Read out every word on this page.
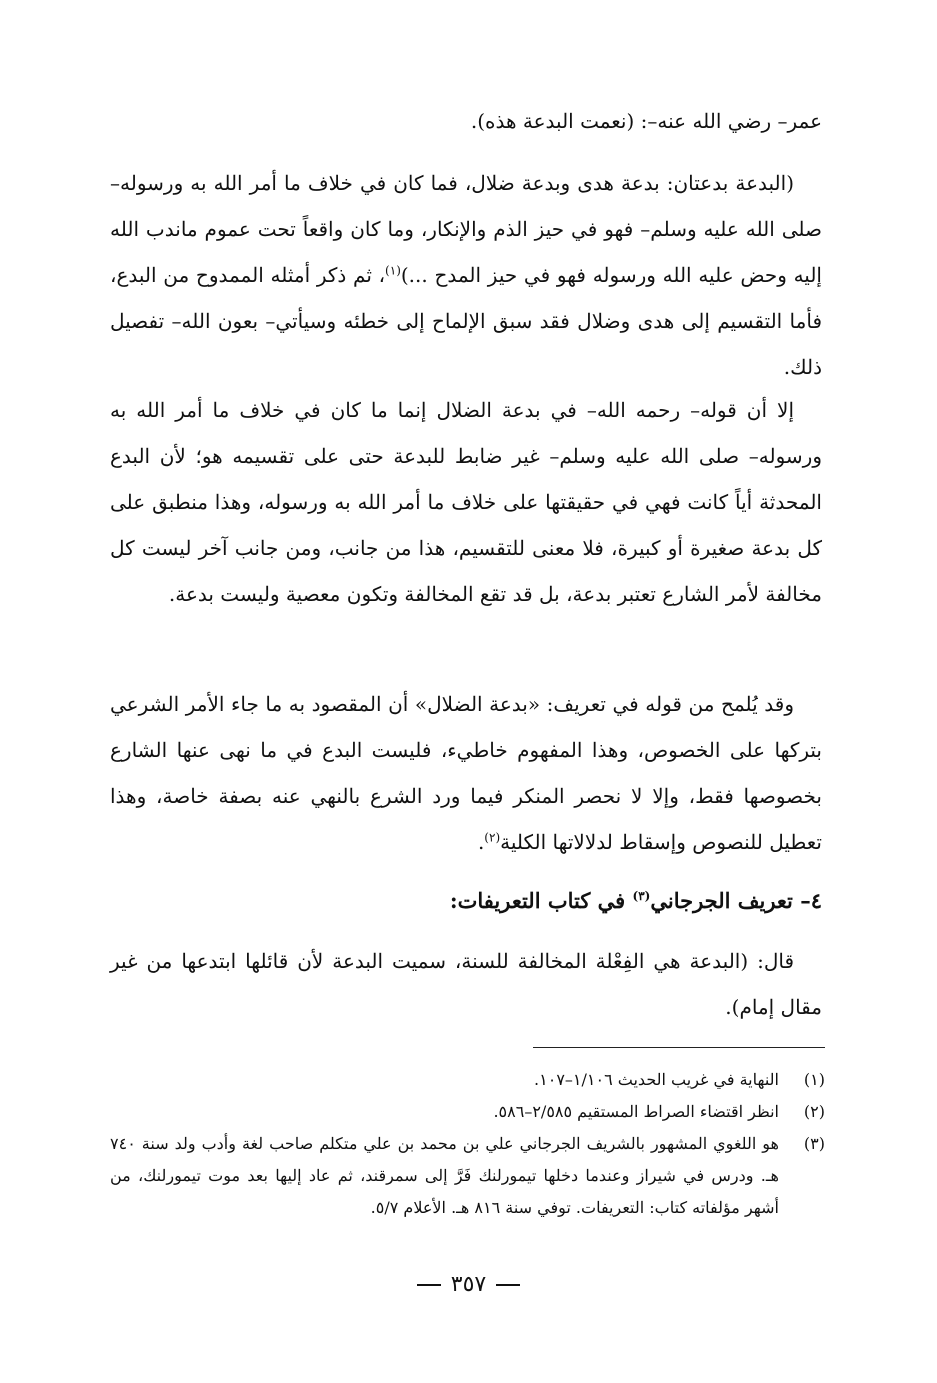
عمر– رضي الله عنه–: (نعمت البدعة هذه).

(البدعة بدعتان: بدعة هدى وبدعة ضلال، فما كان في خلاف ما أمر الله به ورسوله– صلى الله عليه وسلم– فهو في حيز الذم والإنكار، وما كان واقعاً تحت عموم ماندب الله إليه وحض عليه الله ورسوله فهو في حيز المدح ...)$^{(١)}$، ثم ذكر أمثله الممدوح من البدع، فأما التقسيم إلى هدى وضلال فقد سبق الإلماح إلى خطئه وسيأتي– بعون الله– تفصيل ذلك.

إلا أن قوله– رحمه الله– في بدعة الضلال إنما ما كان في خلاف ما أمر الله به ورسوله– صلى الله عليه وسلم– غير ضابط للبدعة حتى على تقسيمه هو؛ لأن البدع المحدثة أياً كانت فهي في حقيقتها على خلاف ما أمر الله به ورسوله، وهذا منطبق على كل بدعة صغيرة أو كبيرة، فلا معنى للتقسيم، هذا من جانب، ومن جانب آخر ليست كل مخالفة لأمر الشارع تعتبر بدعة، بل قد تقع المخالفة وتكون معصية وليست بدعة.

وقد يُلمح من قوله في تعريف: «بدعة الضلال» أن المقصود به ما جاء الأمر الشرعي بتركها على الخصوص، وهذا المفهوم خاطيء، فليست البدع في ما نهى عنها الشارع بخصوصها فقط، وإلا لا نحصر المنكر فيما ورد الشرع بالنهي عنه بصفة خاصة، وهذا تعطيل للنصوص وإسقاط لدلالاتها الكلية$^{(٢)}$.

٤– تعريف الجرجاني$^{(٣)}$ في كتاب التعريفات:

قال: (البدعة هي الفِعْلة المخالفة للسنة، سميت البدعة لأن قائلها ابتدعها من غير مقال إمام).

(١)
النهاية في غريب الحديث ١/١٠٦–١٠٧.
(٢)
انظر اقتضاء الصراط المستقيم ٢/٥٨٥–٥٨٦.
(٣)
هو اللغوي المشهور بالشريف الجرجاني علي بن محمد بن علي متكلم صاحب لغة وأدب ولد سنة ٧٤٠ هـ. ودرس في شيراز وعندما دخلها تيمورلنك فَرَّ إلى سمرقند، ثم عاد إليها بعد موت تيمورلنك، من أشهر مؤلفاته كتاب: التعريفات. توفي سنة ٨١٦ هـ. الأعلام ٥/٧.
٣٥٧
